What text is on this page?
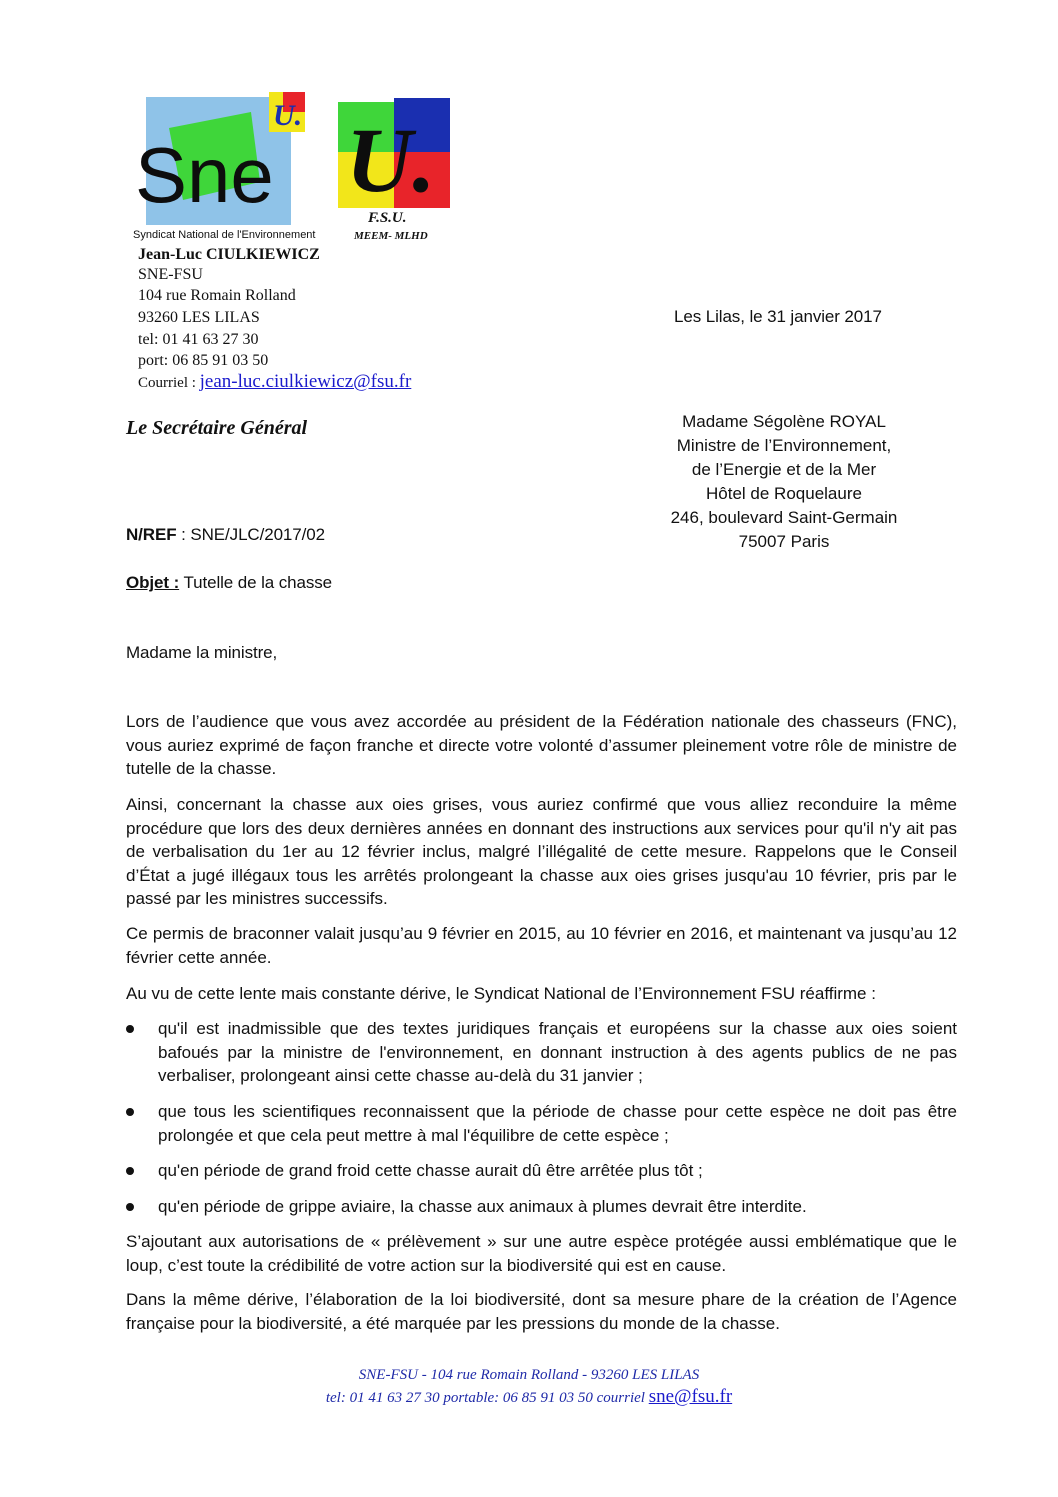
U.
Sne
Syndicat National de l'Environnement
U.
F.S.U.
MEEM- MLHD
Jean-Luc CIULKIEWICZ
SNE-FSU
104 rue Romain Rolland
93260 LES LILAS
tel: 01 41 63 27 30
port: 06 85 91 03 50
Courriel : jean-luc.ciulkiewicz@fsu.fr
Le Secrétaire Général
Les Lilas, le 31 janvier 2017
Madame Ségolène ROYAL
Ministre de l’Environnement,
de l’Energie et de la Mer
Hôtel de Roquelaure
246, boulevard Saint-Germain
75007 Paris
N/REF : SNE/JLC/2017/02
Objet : Tutelle de la chasse
Madame la ministre,
Lors de l’audience que vous avez accordée au président de la Fédération nationale des chasseurs (FNC), vous auriez exprimé de façon franche et directe votre volonté d’assumer pleinement votre rôle de ministre de tutelle de la chasse.
Ainsi, concernant la chasse aux oies grises, vous auriez confirmé que vous alliez reconduire la même procédure que lors des deux dernières années en donnant des instructions aux services pour qu'il n'y ait pas de verbalisation du 1er au 12 février inclus, malgré l’illégalité de cette mesure. Rappelons que le Conseil d’État a jugé illégaux tous les arrêtés prolongeant la chasse aux oies grises jusqu'au 10 février, pris par le passé par les ministres successifs.
Ce permis de braconner valait jusqu’au 9 février en 2015, au 10 février en 2016, et maintenant va jusqu’au 12 février cette année.
Au vu de cette lente mais constante dérive, le Syndicat National de l’Environnement FSU réaffirme :
qu'il est inadmissible que des textes juridiques français et européens sur la chasse aux oies soient bafoués par la ministre de l'environnement, en donnant instruction à des agents publics de ne pas verbaliser, prolongeant ainsi cette chasse au-delà du 31 janvier ;
que tous les scientifiques reconnaissent que la période de chasse pour cette espèce ne doit pas être prolongée et que cela peut mettre à mal l'équilibre de cette espèce ;
qu'en période de grand froid cette chasse aurait dû être arrêtée plus tôt ;
qu'en période de grippe aviaire, la chasse aux animaux à plumes devrait être interdite.
S’ajoutant aux autorisations de « prélèvement » sur une autre espèce protégée aussi emblématique que le loup, c’est toute la crédibilité de votre action sur la biodiversité qui est en cause.
Dans la même dérive, l’élaboration de la loi biodiversité, dont sa mesure phare de la création de l’Agence française pour la biodiversité, a été marquée par les pressions du monde de la chasse.
SNE-FSU - 104 rue Romain Rolland - 93260 LES LILAS
tel: 01 41 63 27 30 portable: 06 85 91 03 50 courriel sne@fsu.fr
